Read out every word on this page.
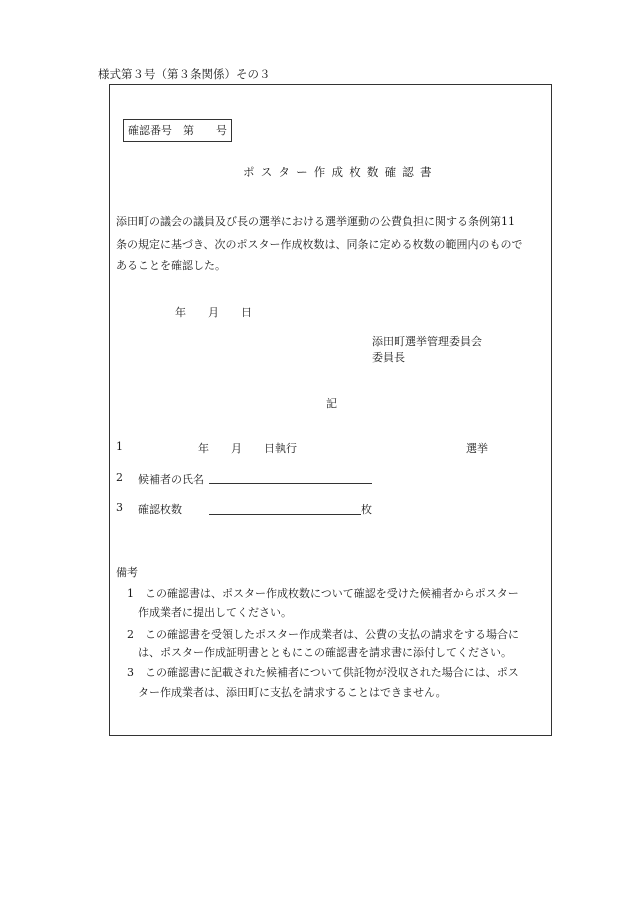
様式第３号（第３条関係）その３
確認番号　第　　号
ポスター作成枚数確認書
添田町の議会の議員及び長の選挙における選挙運動の公費負担に関する条例第11
条の規定に基づき、次のポスター作成枚数は、同条に定める枚数の範囲内のもので
あることを確認した。
年　　月　　日
添田町選挙管理委員会
委員長
記
1	年　　月　　日執行	選挙
2 候補者の氏名
3 確認枚数	枚
備考
　1　この確認書は、ポスター作成枚数について確認を受けた候補者からポスター
　　作成業者に提出してください。
　2　この確認書を受領したポスター作成業者は、公費の支払の請求をする場合に
　　は、ポスター作成証明書とともにこの確認書を請求書に添付してください。
　3　この確認書に記載された候補者について供託物が没収された場合には、ポス
　　ター作成業者は、添田町に支払を請求することはできません。
